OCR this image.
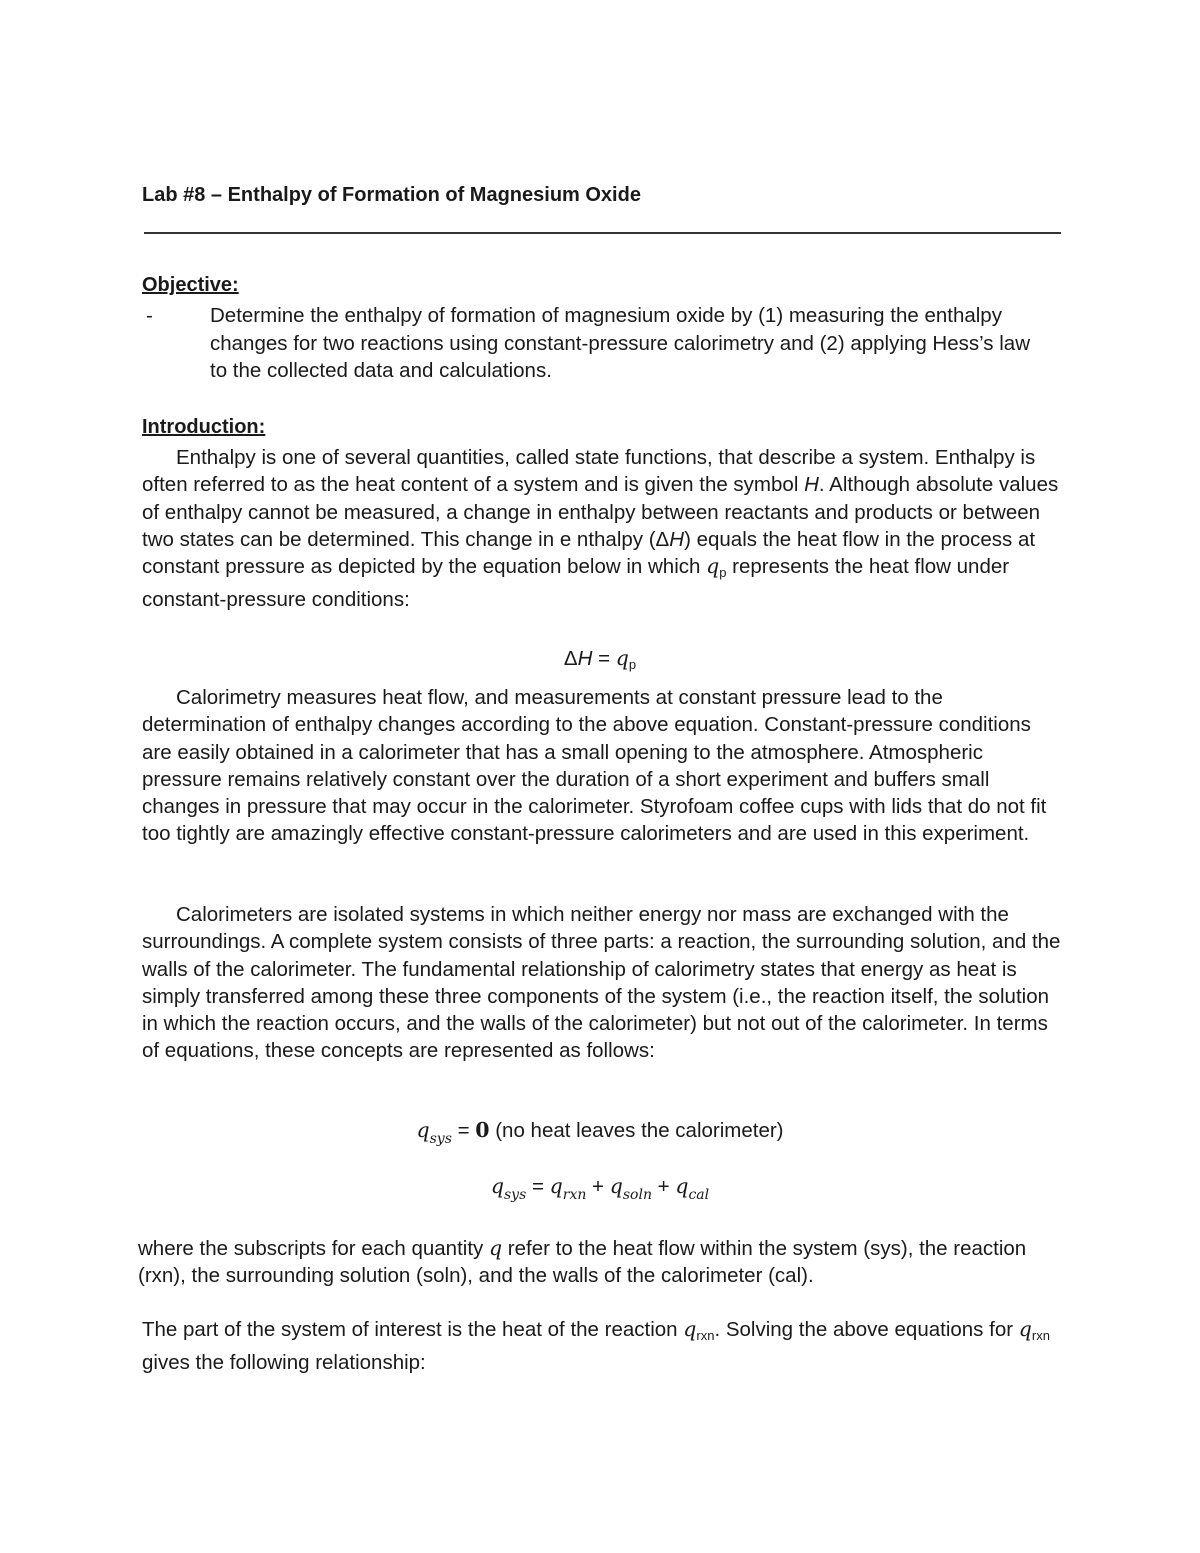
Lab #8 – Enthalpy of Formation of Magnesium Oxide
Objective:
-	Determine the enthalpy of formation of magnesium oxide by (1) measuring the enthalpy changes for two reactions using constant-pressure calorimetry and (2) applying Hess’s law to the collected data and calculations.
Introduction:

Enthalpy is one of several quantities, called state functions, that describe a system. Enthalpy is often referred to as the heat content of a system and is given the symbol H. Although absolute values of enthalpy cannot be measured, a change in enthalpy between reactants and products or between two states can be determined. This change in e nthalpy (ΔH) equals the heat flow in the process at constant pressure as depicted by the equation below in which $q_p$ represents the heat flow under constant-pressure conditions:

$\Delta H = q_p$

Calorimetry measures heat flow, and measurements at constant pressure lead to the determination of enthalpy changes according to the above equation. Constant-pressure conditions are easily obtained in a calorimeter that has a small opening to the atmosphere. Atmospheric pressure remains relatively constant over the duration of a short experiment and buffers small changes in pressure that may occur in the calorimeter. Styrofoam coffee cups with lids that do not fit too tightly are amazingly effective constant-pressure calorimeters and are used in this experiment.

Calorimeters are isolated systems in which neither energy nor mass are exchanged with the surroundings. A complete system consists of three parts: a reaction, the surrounding solution, and the walls of the calorimeter. The fundamental relationship of calorimetry states that energy as heat is simply transferred among these three components of the system (i.e., the reaction itself, the solution in which the reaction occurs, and the walls of the calorimeter) but not out of the calorimeter. In terms of equations, these concepts are represented as follows:

$q_{sys} = 0$ (no heat leaves the calorimeter)
$q_{sys} = q_{rxn} + q_{soln} + q_{cal}$

where the subscripts for each quantity q refer to the heat flow within the system (sys), the reaction (rxn), the surrounding solution (soln), and the walls of the calorimeter (cal).

The part of the system of interest is the heat of the reaction $q_{rxn}$. Solving the above equations for $q_{rxn}$ gives the following relationship:
